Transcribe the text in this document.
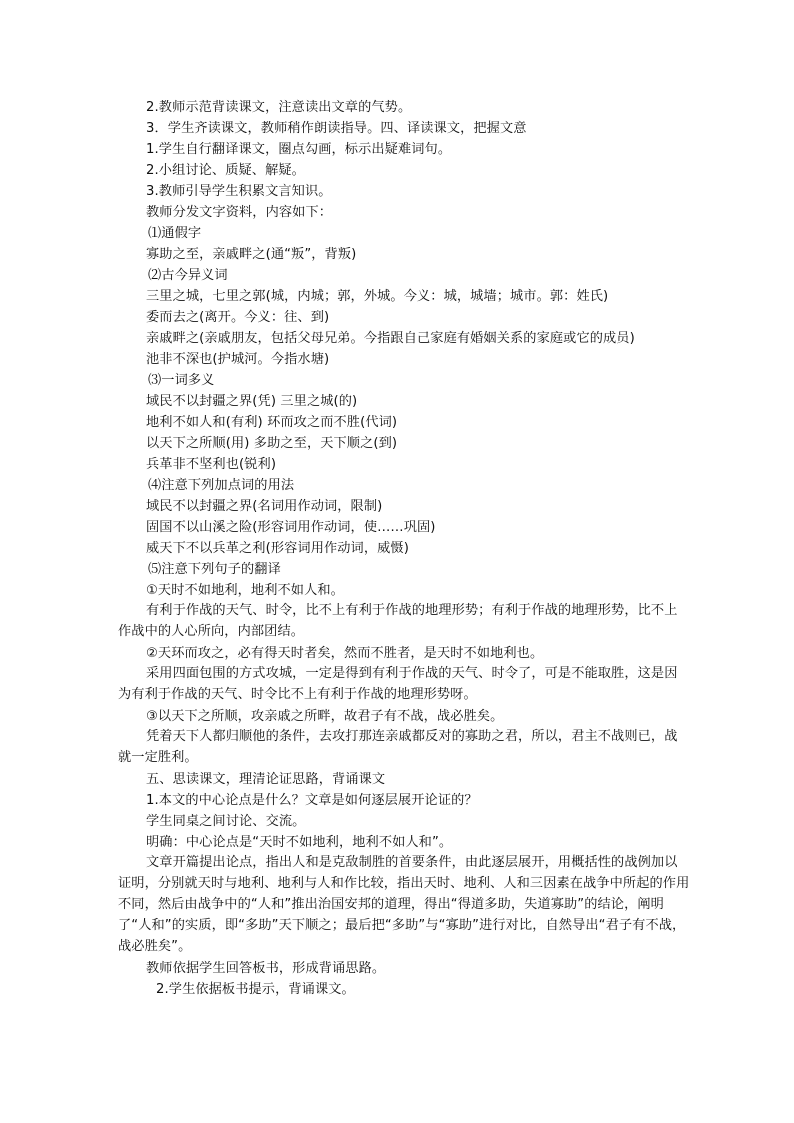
2.教师示范背读课文，注意读出文章的气势。
3．学生齐读课文，教师稍作朗读指导。四、译读课文，把握文意
1.学生自行翻译课文，圈点勾画，标示出疑难词句。
2.小组讨论、质疑、解疑。
3.教师引导学生积累文言知识。
教师分发文字资料，内容如下：
⑴通假字
寡助之至，亲戚畔之(通“叛”，背叛)
⑵古今异义词
三里之城，七里之郭(城，内城；郭，外城。今义：城，城墙；城市。郭：姓氏)
委而去之(离开。今义：往、到)
亲戚畔之(亲戚朋友，包括父母兄弟。今指跟自己家庭有婚姻关系的家庭或它的成员)
池非不深也(护城河。今指水塘)
⑶一词多义
域民不以封疆之界(凭) 三里之城(的)
地利不如人和(有利) 环而攻之而不胜(代词)
以天下之所顺(用) 多助之至，天下顺之(到)
兵革非不坚利也(锐利)
⑷注意下列加点词的用法
域民不以封疆之界(名词用作动词，限制)
固国不以山溪之险(形容词用作动词，使……巩固)
威天下不以兵革之利(形容词用作动词，威慑)
⑸注意下列句子的翻译
①天时不如地利，地利不如人和。
有利于作战的天气、时令，比不上有利于作战的地理形势；有利于作战的地理形势，比不上作战中的人心所向，内部团结。
②天环而攻之，必有得天时者矣，然而不胜者，是天时不如地利也。
采用四面包围的方式攻城，一定是得到有利于作战的天气、时令了，可是不能取胜，这是因为有利于作战的天气、时令比不上有利于作战的地理形势呀。
③以天下之所顺，攻亲戚之所畔，故君子有不战，战必胜矣。
凭着天下人都归顺他的条件，去攻打那连亲戚都反对的寡助之君，所以，君主不战则已，战就一定胜利。
五、思读课文，理清论证思路，背诵课文
1.本文的中心论点是什么？文章是如何逐层展开论证的？
学生同桌之间讨论、交流。
明确：中心论点是“天时不如地利，地利不如人和”。
文章开篇提出论点，指出人和是克敌制胜的首要条件，由此逐层展开，用概括性的战例加以证明，分别就天时与地利、地利与人和作比较，指出天时、地利、人和三因素在战争中所起的作用不同，然后由战争中的“人和”推出治国安邦的道理，得出“得道多助，失道寡助”的结论，阐明了“人和”的实质，即“多助”天下顺之；最后把“多助”与“寡助”进行对比，自然导出“君子有不战，战必胜矣”。
教师依据学生回答板书，形成背诵思路。
2.学生依据板书提示，背诵课文。
